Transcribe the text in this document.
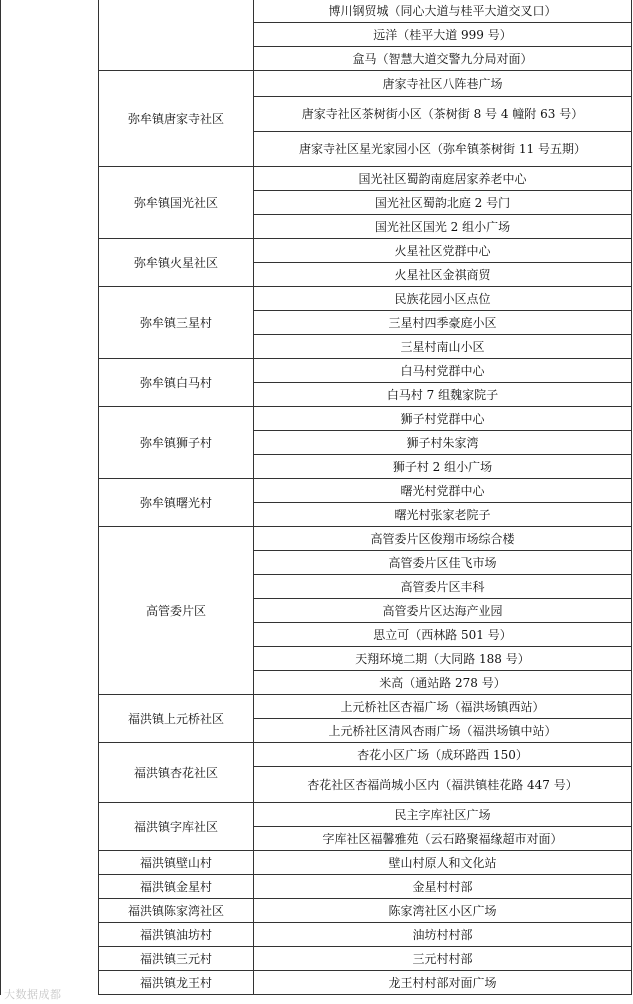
		博川钢贸城（同心大道与桂平大道交叉口）
		远洋（桂平大道 999 号）
		盒马（智慧大道交警九分局对面）
	弥牟镇唐家寺社区	唐家寺社区八阵巷广场
		唐家寺社区茶树街小区（茶树街 8 号 4 幢附 63 号）
		唐家寺社区星光家园小区（弥牟镇茶树街 11 号五期）
	弥牟镇国光社区	国光社区蜀韵南庭居家养老中心
		国光社区蜀韵北庭 2 号门
		国光社区国光 2 组小广场
	弥牟镇火星社区	火星社区党群中心
		火星社区金祺商贸
	弥牟镇三星村	民族花园小区点位
		三星村四季豪庭小区
		三星村南山小区
	弥牟镇白马村	白马村党群中心
		白马村 7 组魏家院子
	弥牟镇狮子村	狮子村党群中心
		狮子村朱家湾
		狮子村 2 组小广场
	弥牟镇曙光村	曙光村党群中心
		曙光村张家老院子
	高管委片区	高管委片区俊翔市场综合楼
		高管委片区佳飞市场
		高管委片区丰科
		高管委片区达海产业园
		思立可（西林路 501 号）
		天翔环境二期（大同路 188 号）
		米高（通站路 278 号）
	福洪镇上元桥社区	上元桥社区杏福广场（福洪场镇西站）
		上元桥社区清风杏雨广场（福洪场镇中站）
	福洪镇杏花社区	杏花小区广场（成环路西 150）
		杏花社区杏福尚城小区内（福洪镇桂花路 447 号）
	福洪镇字库社区	民主字库社区广场
		字库社区福馨雅苑（云石路聚福缘超市对面）
	福洪镇壁山村	壁山村原人和文化站
	福洪镇金星村	金星村村部
	福洪镇陈家湾社区	陈家湾社区小区广场
	福洪镇油坊村	油坊村村部
	福洪镇三元村	三元村村部
	福洪镇龙王村	龙王村村部对面广场
大数据成都
